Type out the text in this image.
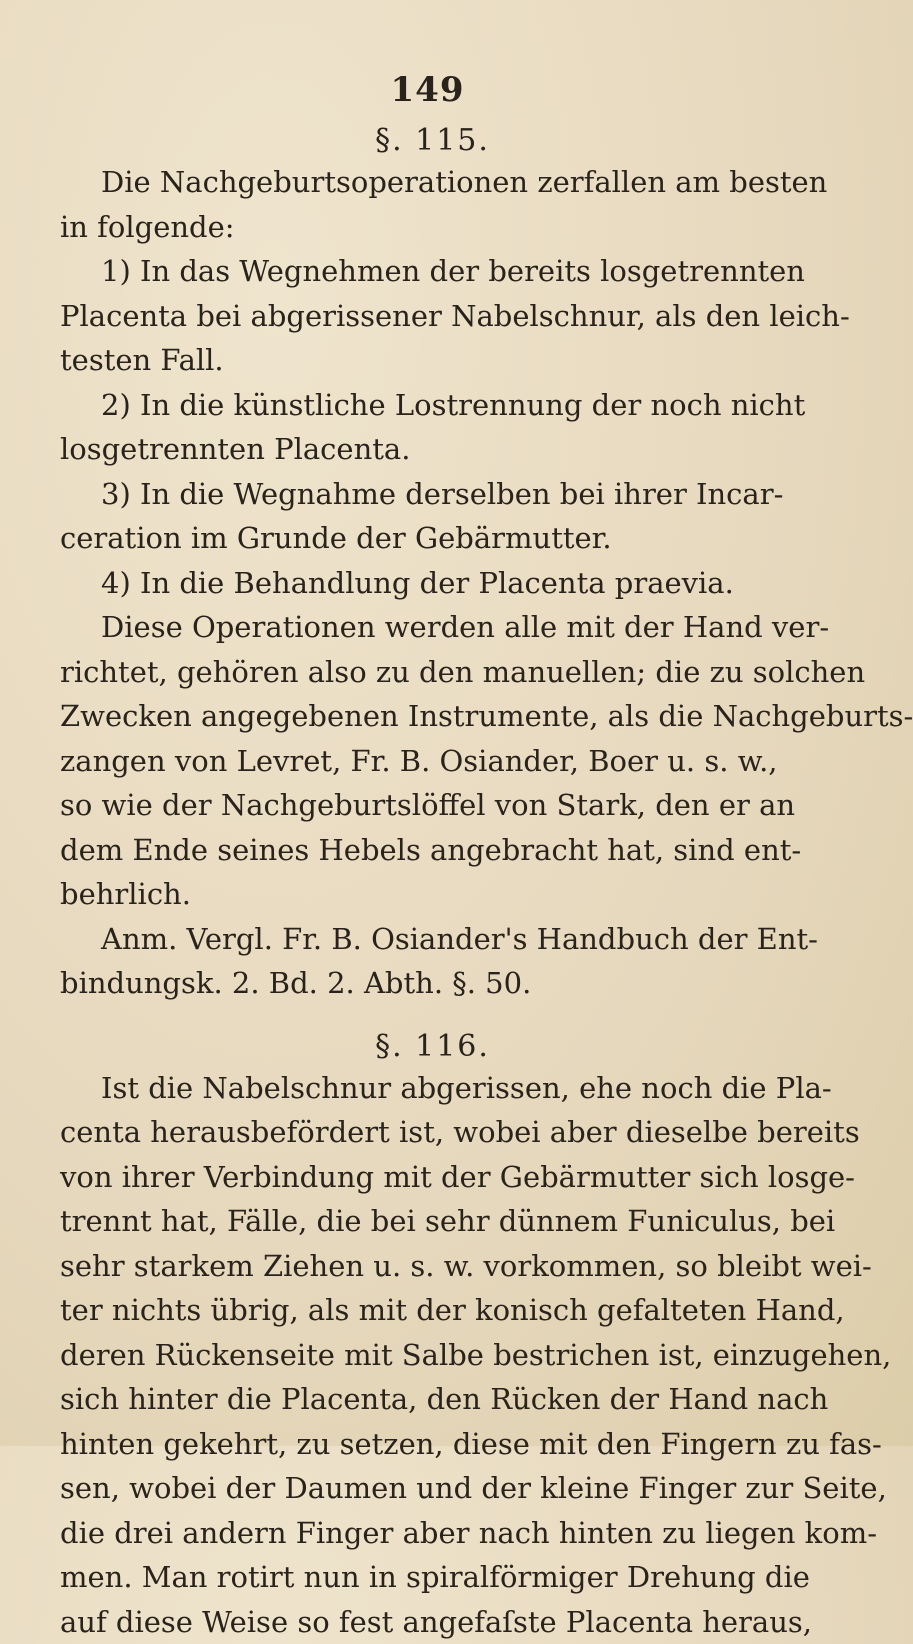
149
§. 115.
Die Nachgeburtsoperationen zerfallen am besten
in folgende:
1) In das Wegnehmen der bereits losgetrennten
Placenta bei abgerissener Nabelschnur, als den leich-
testen Fall.
2) In die künstliche Lostrennung der noch nicht
losgetrennten Placenta.
3) In die Wegnahme derselben bei ihrer Incar-
ceration im Grunde der Gebärmutter.
4) In die Behandlung der Placenta praevia.
Diese Operationen werden alle mit der Hand ver-
richtet, gehören also zu den manuellen; die zu solchen
Zwecken angegebenen Instrumente, als die Nachgeburts-
zangen von Levret, Fr. B. Osiander, Boer u. s. w.,
so wie der Nachgeburtslöffel von Stark, den er an
dem Ende seines Hebels angebracht hat, sind ent-
behrlich.
Anm. Vergl. Fr. B. Osiander's Handbuch der Ent-
bindungsk. 2. Bd. 2. Abth. §. 50.
§. 116.
Ist die Nabelschnur abgerissen, ehe noch die Pla-
centa herausbefördert ist, wobei aber dieselbe bereits
von ihrer Verbindung mit der Gebärmutter sich losge-
trennt hat, Fälle, die bei sehr dünnem Funiculus, bei
sehr starkem Ziehen u. s. w. vorkommen, so bleibt wei-
ter nichts übrig, als mit der konisch gefalteten Hand,
deren Rückenseite mit Salbe bestrichen ist, einzugehen,
sich hinter die Placenta, den Rücken der Hand nach
hinten gekehrt, zu setzen, diese mit den Fingern zu fas-
sen, wobei der Daumen und der kleine Finger zur Seite,
die drei andern Finger aber nach hinten zu liegen kom-
men. Man rotirt nun in spiralförmiger Drehung die
auf diese Weise so fest angefaſste Placenta heraus,
